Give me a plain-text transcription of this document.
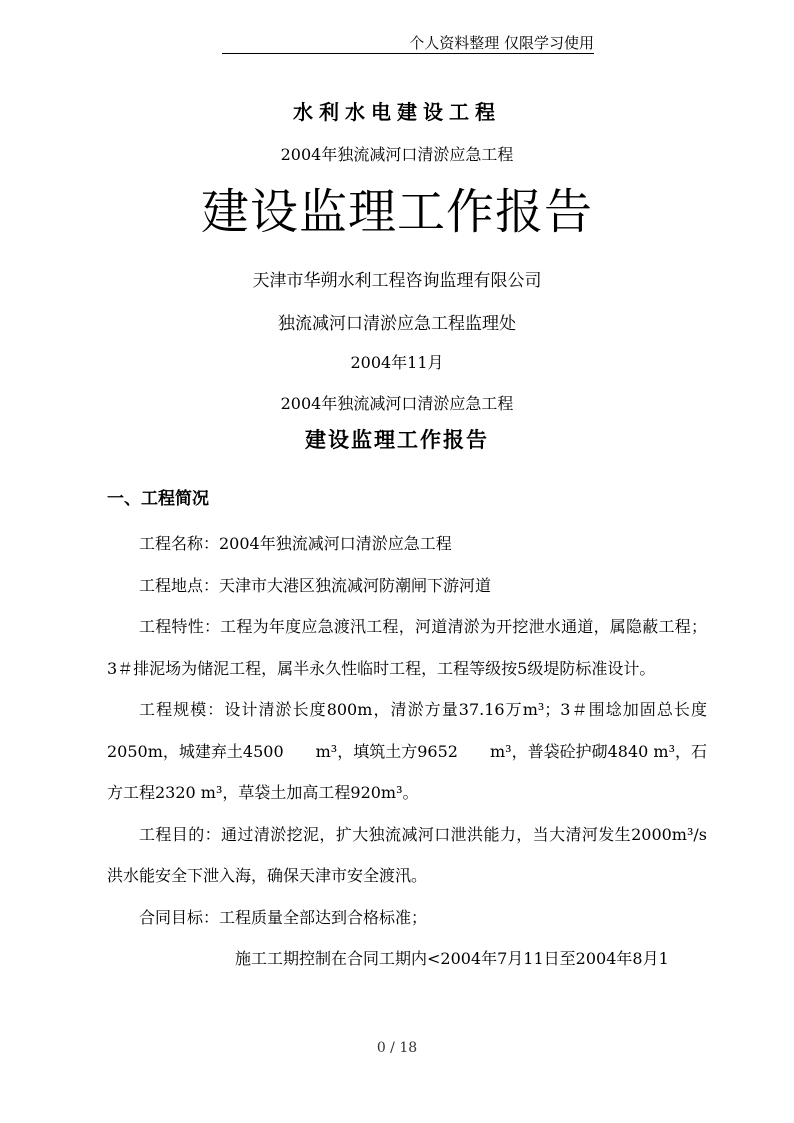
_______________	个人资料整理 仅限学习使用
水利水电建设工程
2004年独流减河口清淤应急工程
建设监理工作报告
天津市华朔水利工程咨询监理有限公司
独流减河口清淤应急工程监理处
2004年11月
2004年独流减河口清淤应急工程
建设监理工作报告
一、工程简况

工程名称：2004年独流减河口清淤应急工程

工程地点：天津市大港区独流减河防潮闸下游河道

工程特性：工程为年度应急渡汛工程，河道清淤为开挖泄水通道，属隐蔽工程；3＃排泥场为储泥工程，属半永久性临时工程，工程等级按5级堤防标准设计。

工程规模：设计清淤长度800m，清淤方量37.16万m³；3＃围埝加固总长度2050m，城建弃土4500　　m³，填筑土方9652　　m³，普袋砼护砌4840 m³，石方工程2320 m³，草袋土加高工程920m³。

工程目的：通过清淤挖泥，扩大独流减河口泄洪能力，当大清河发生2000m³/s洪水能安全下泄入海，确保天津市安全渡汛。

合同目标：工程质量全部达到合格标准；

施工工期控制在合同工期内<2004年7月11日至2004年8月1

0 / 18
